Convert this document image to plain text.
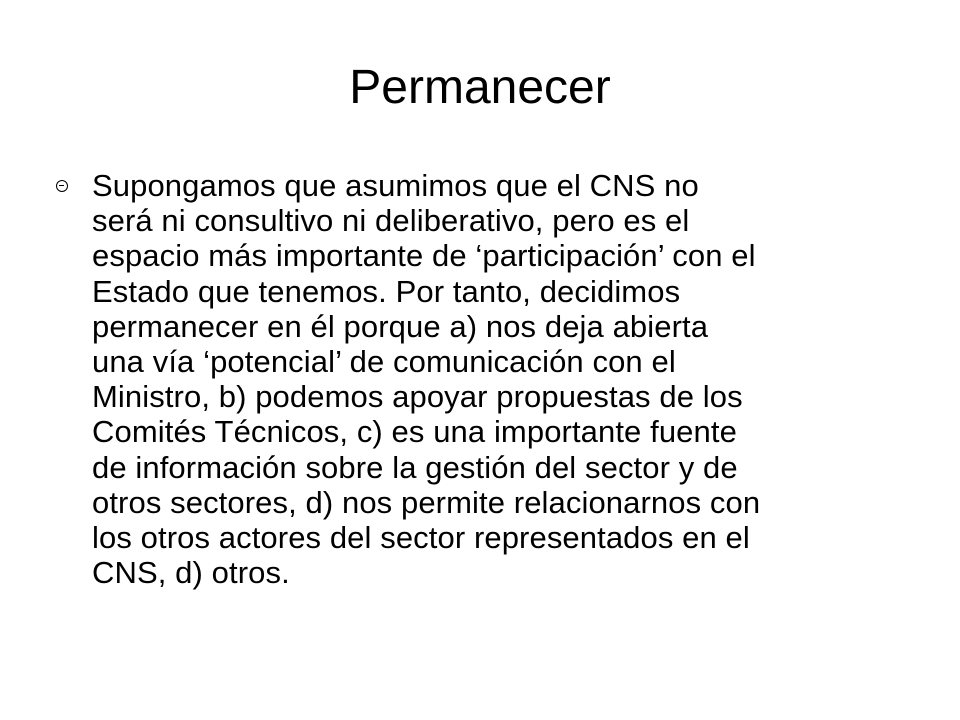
Permanecer
Supongamos que asumimos que el CNS no
será ni consultivo ni deliberativo, pero es el
espacio más importante de ‘participación’ con el
Estado que tenemos. Por tanto, decidimos
permanecer en él porque a) nos deja abierta
una vía ‘potencial’ de comunicación con el
Ministro, b) podemos apoyar propuestas de los
Comités Técnicos, c) es una importante fuente
de información sobre la gestión del sector y de
otros sectores, d) nos permite relacionarnos con
los otros actores del sector representados en el
CNS, d) otros.
